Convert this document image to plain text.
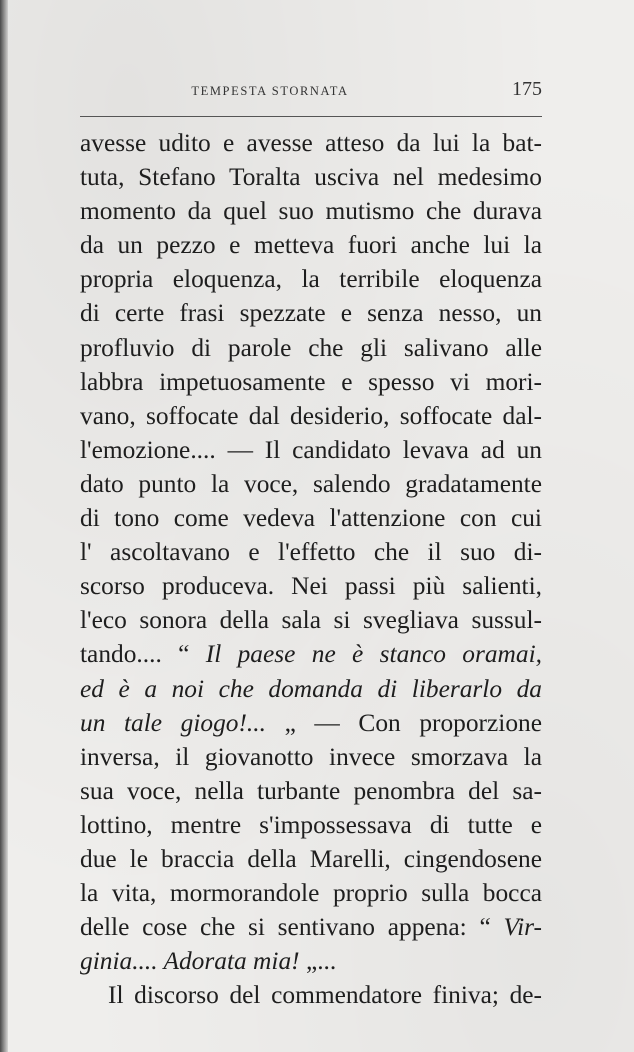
TEMPESTA STORNATA	175
avesse udito e avesse atteso da lui la bat-
tuta, Stefano Toralta usciva nel medesimo
momento da quel suo mutismo che durava
da un pezzo e metteva fuori anche lui la
propria eloquenza, la terribile eloquenza
di certe frasi spezzate e senza nesso, un
profluvio di parole che gli salivano alle
labbra impetuosamente e spesso vi mori-
vano, soffocate dal desiderio, soffocate dal-
l'emozione.... — Il candidato levava ad un
dato punto la voce, salendo gradatamente
di tono come vedeva l'attenzione con cui
l' ascoltavano e l'effetto che il suo di-
scorso produceva. Nei passi più salienti,
l'eco sonora della sala si svegliava sussul-
tando.... “ Il paese ne è stanco oramai,
ed è a noi che domanda di liberarlo da
un tale giogo!... „ — Con proporzione
inversa, il giovanotto invece smorzava la
sua voce, nella turbante penombra del sa-
lottino, mentre s'impossessava di tutte e
due le braccia della Marelli, cingendosene
la vita, mormorandole proprio sulla bocca
delle cose che si sentivano appena: “ Vir-
ginia.... Adorata mia! „...
Il discorso del commendatore finiva; de-
